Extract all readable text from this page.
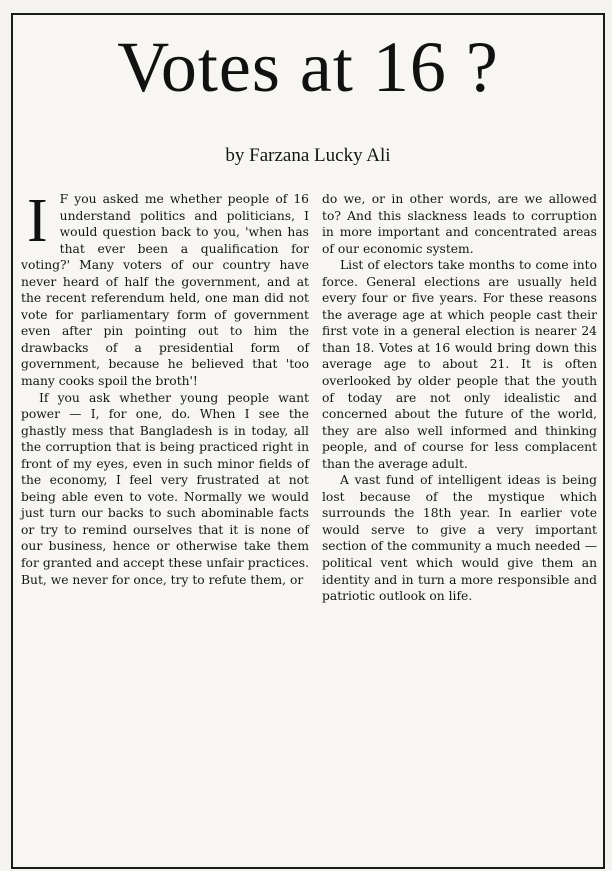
Votes at 16 ?
by Farzana Lucky Ali

I F you asked me whether people of 16 understand politics and politicians, I would question back to you, 'when has that ever been a qualification for voting?' Many voters of our country have never heard of half the government, and at the recent referendum held, one man did not vote for parliamentary form of government even after pin pointing out to him the drawbacks of a presidential form of government, because he believed that 'too many cooks spoil the broth'!

If you ask whether young people want power — I, for one, do. When I see the ghastly mess that Bangladesh is in today, all the corruption that is being practiced right in front of my eyes, even in such minor fields of the economy, I feel very frustrated at not being able even to vote. Normally we would just turn our backs to such abominable facts or try to remind ourselves that it is none of our business, hence or otherwise take them for granted and accept these unfair practices. But, we never for once, try to refute them, or

do we, or in other words, are we allowed to? And this slackness leads to corruption in more important and concentrated areas of our economic system.

List of electors take months to come into force. General elections are usually held every four or five years. For these reasons the average age at which people cast their first vote in a general election is nearer 24 than 18. Votes at 16 would bring down this average age to about 21. It is often overlooked by older people that the youth of today are not only idealistic and concerned about the future of the world, they are also well informed and thinking people, and of course for less complacent than the average adult.

A vast fund of intelligent ideas is being lost because of the mystique which surrounds the 18th year. In earlier vote would serve to give a very important section of the community a much needed — political vent which would give them an identity and in turn a more responsible and patriotic outlook on life.
